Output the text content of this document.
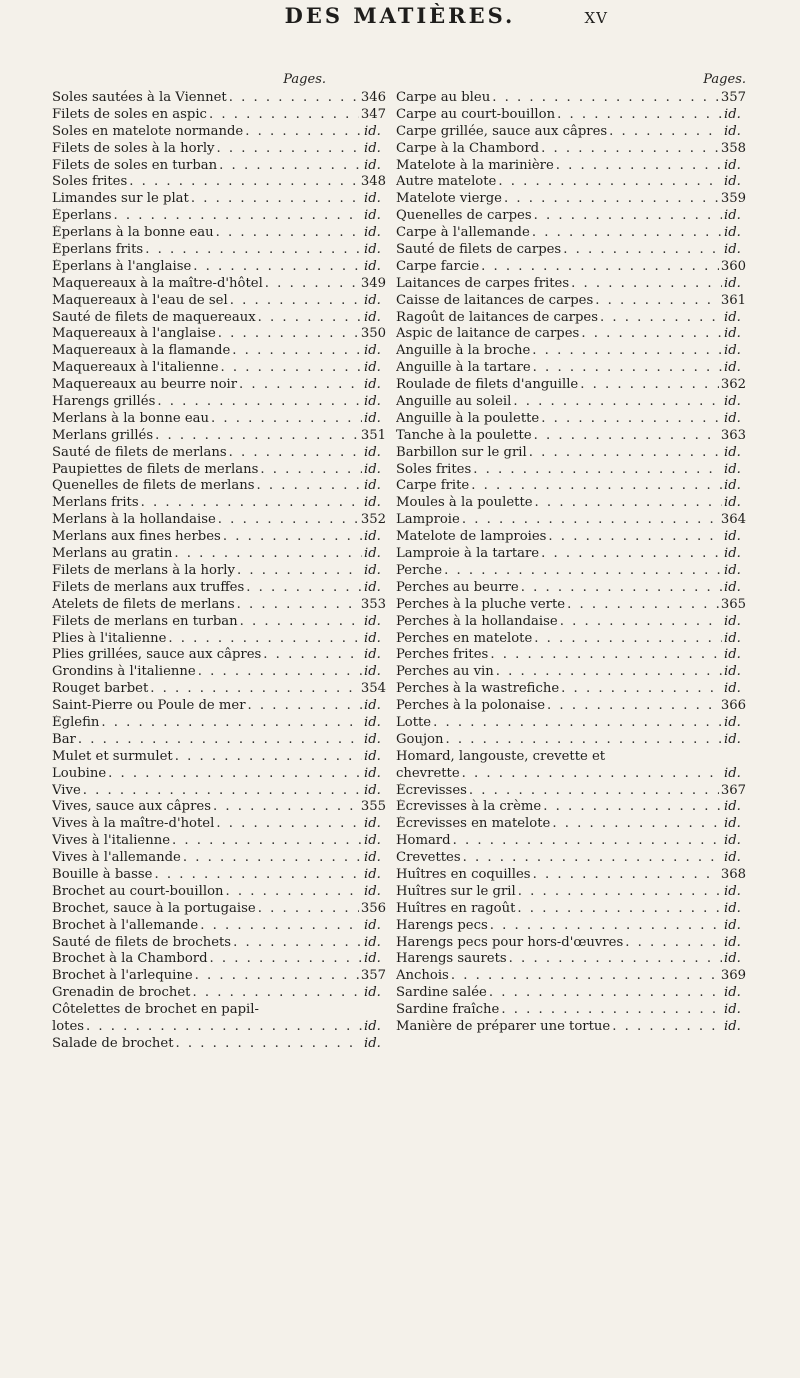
DES MATIÈRES.	XV
Pages.
Soles sautées à la Viennet . . .	346
Filets de soles en aspic . . .	347
Soles en matelote normande . . .	id.
Filets de soles à la horly . . .	id.
Filets de soles en turban . . .	id.
Soles frites . . .	348
Limandes sur le plat . . .	id.
Éperlans . . .	id.
Éperlans à la bonne eau . . .	id.
Éperlans frits . . .	id.
Éperlans à l'anglaise . . .	id.
Maquereaux à la maître-d'hôtel . . .	349
Maquereaux à l'eau de sel . . .	id.
Sauté de filets de maquereaux . . .	id.
Maquereaux à l'anglaise . . .	350
Maquereaux à la flamande . . .	id.
Maquereaux à l'italienne . . .	id.
Maquereaux au beurre noir . . .	id.
Harengs grillés . . .	id.
Merlans à la bonne eau . . .	id.
Merlans grillés . . .	351
Sauté de filets de merlans . . .	id.
Paupiettes de filets de merlans . . .	id.
Quenelles de filets de merlans . . .	id.
Merlans frits . . .	id.
Merlans à la hollandaise . . .	352
Merlans aux fines herbes . . .	id.
Merlans au gratin . . .	id.
Filets de merlans à la horly . . .	id.
Filets de merlans aux truffes . . .	id.
Atelets de filets de merlans . . .	353
Filets de merlans en turban . . .	id.
Plies à l'italienne . . .	id.
Plies grillées, sauce aux câpres . . .	id.
Grondins à l'italienne . . .	id.
Rouget barbet . . .	354
Saint-Pierre ou Poule de mer . . .	id.
Églefin . . .	id.
Bar . . .	id.
Mulet et surmulet . . .	id.
Loubine . . .	id.
Vive . . .	id.
Vives, sauce aux câpres . . .	355
Vives à la maître-d'hotel . . .	id.
Vives à l'italienne . . .	id.
Vives à l'allemande . . .	id.
Bouille à basse . . .	id.
Brochet au court-bouillon . . .	id.
Brochet, sauce à la portugaise . . .	356
Brochet à l'allemande . . .	id.
Sauté de filets de brochets . . .	id.
Brochet à la Chambord . . .	id.
Brochet à l'arlequine . . .	357
Grenadin de brochet . . .	id.
Côtelettes de brochet en papil-
lotes . . .	id.
Salade de brochet . . .	id.
Pages.
Carpe au bleu . . .	357
Carpe au court-bouillon . . .	id.
Carpe grillée, sauce aux câpres . . .	id.
Carpe à la Chambord . . .	358
Matelote à la marinière . . .	id.
Autre matelote . . .	id.
Matelote vierge . . .	359
Quenelles de carpes . . .	id.
Carpe à l'allemande . . .	id.
Sauté de filets de carpes . . .	id.
Carpe farcie . . .	360
Laitances de carpes frites . . .	id.
Caisse de laitances de carpes . . .	361
Ragoût de laitances de carpes . . .	id.
Aspic de laitance de carpes . . .	id.
Anguille à la broche . . .	id.
Anguille à la tartare . . .	id.
Roulade de filets d'anguille . . .	362
Anguille au soleil . . .	id.
Anguille à la poulette . . .	id.
Tanche à la poulette . . .	363
Barbillon sur le gril . . .	id.
Soles frites . . .	id.
Carpe frite . . .	id.
Moules à la poulette . . .	id.
Lamproie . . .	364
Matelote de lamproies . . .	id.
Lamproie à la tartare . . .	id.
Perche . . .	id.
Perches au beurre . . .	id.
Perches à la pluche verte . . .	365
Perches à la hollandaise . . .	id.
Perches en matelote . . .	id.
Perches frites . . .	id.
Perches au vin . . .	id.
Perches à la wastrefiche . . .	id.
Perches à la polonaise . . .	366
Lotte . . .	id.
Goujon . . .	id.
Homard, langouste, crevette et
chevrette . . .	id.
Écrevisses . . .	367
Écrevisses à la crème . . .	id.
Écrevisses en matelote . . .	id.
Homard . . .	id.
Crevettes . . .	id.
Huîtres en coquilles . . .	368
Huîtres sur le gril . . .	id.
Huîtres en ragoût . . .	id.
Harengs pecs . . .	id.
Harengs pecs pour hors-d'œuvres . . .	id.
Harengs saurets . . .	id.
Anchois . . .	369
Sardine salée . . .	id.
Sardine fraîche . . .	id.
Manière de préparer une tortue . . .	id.
